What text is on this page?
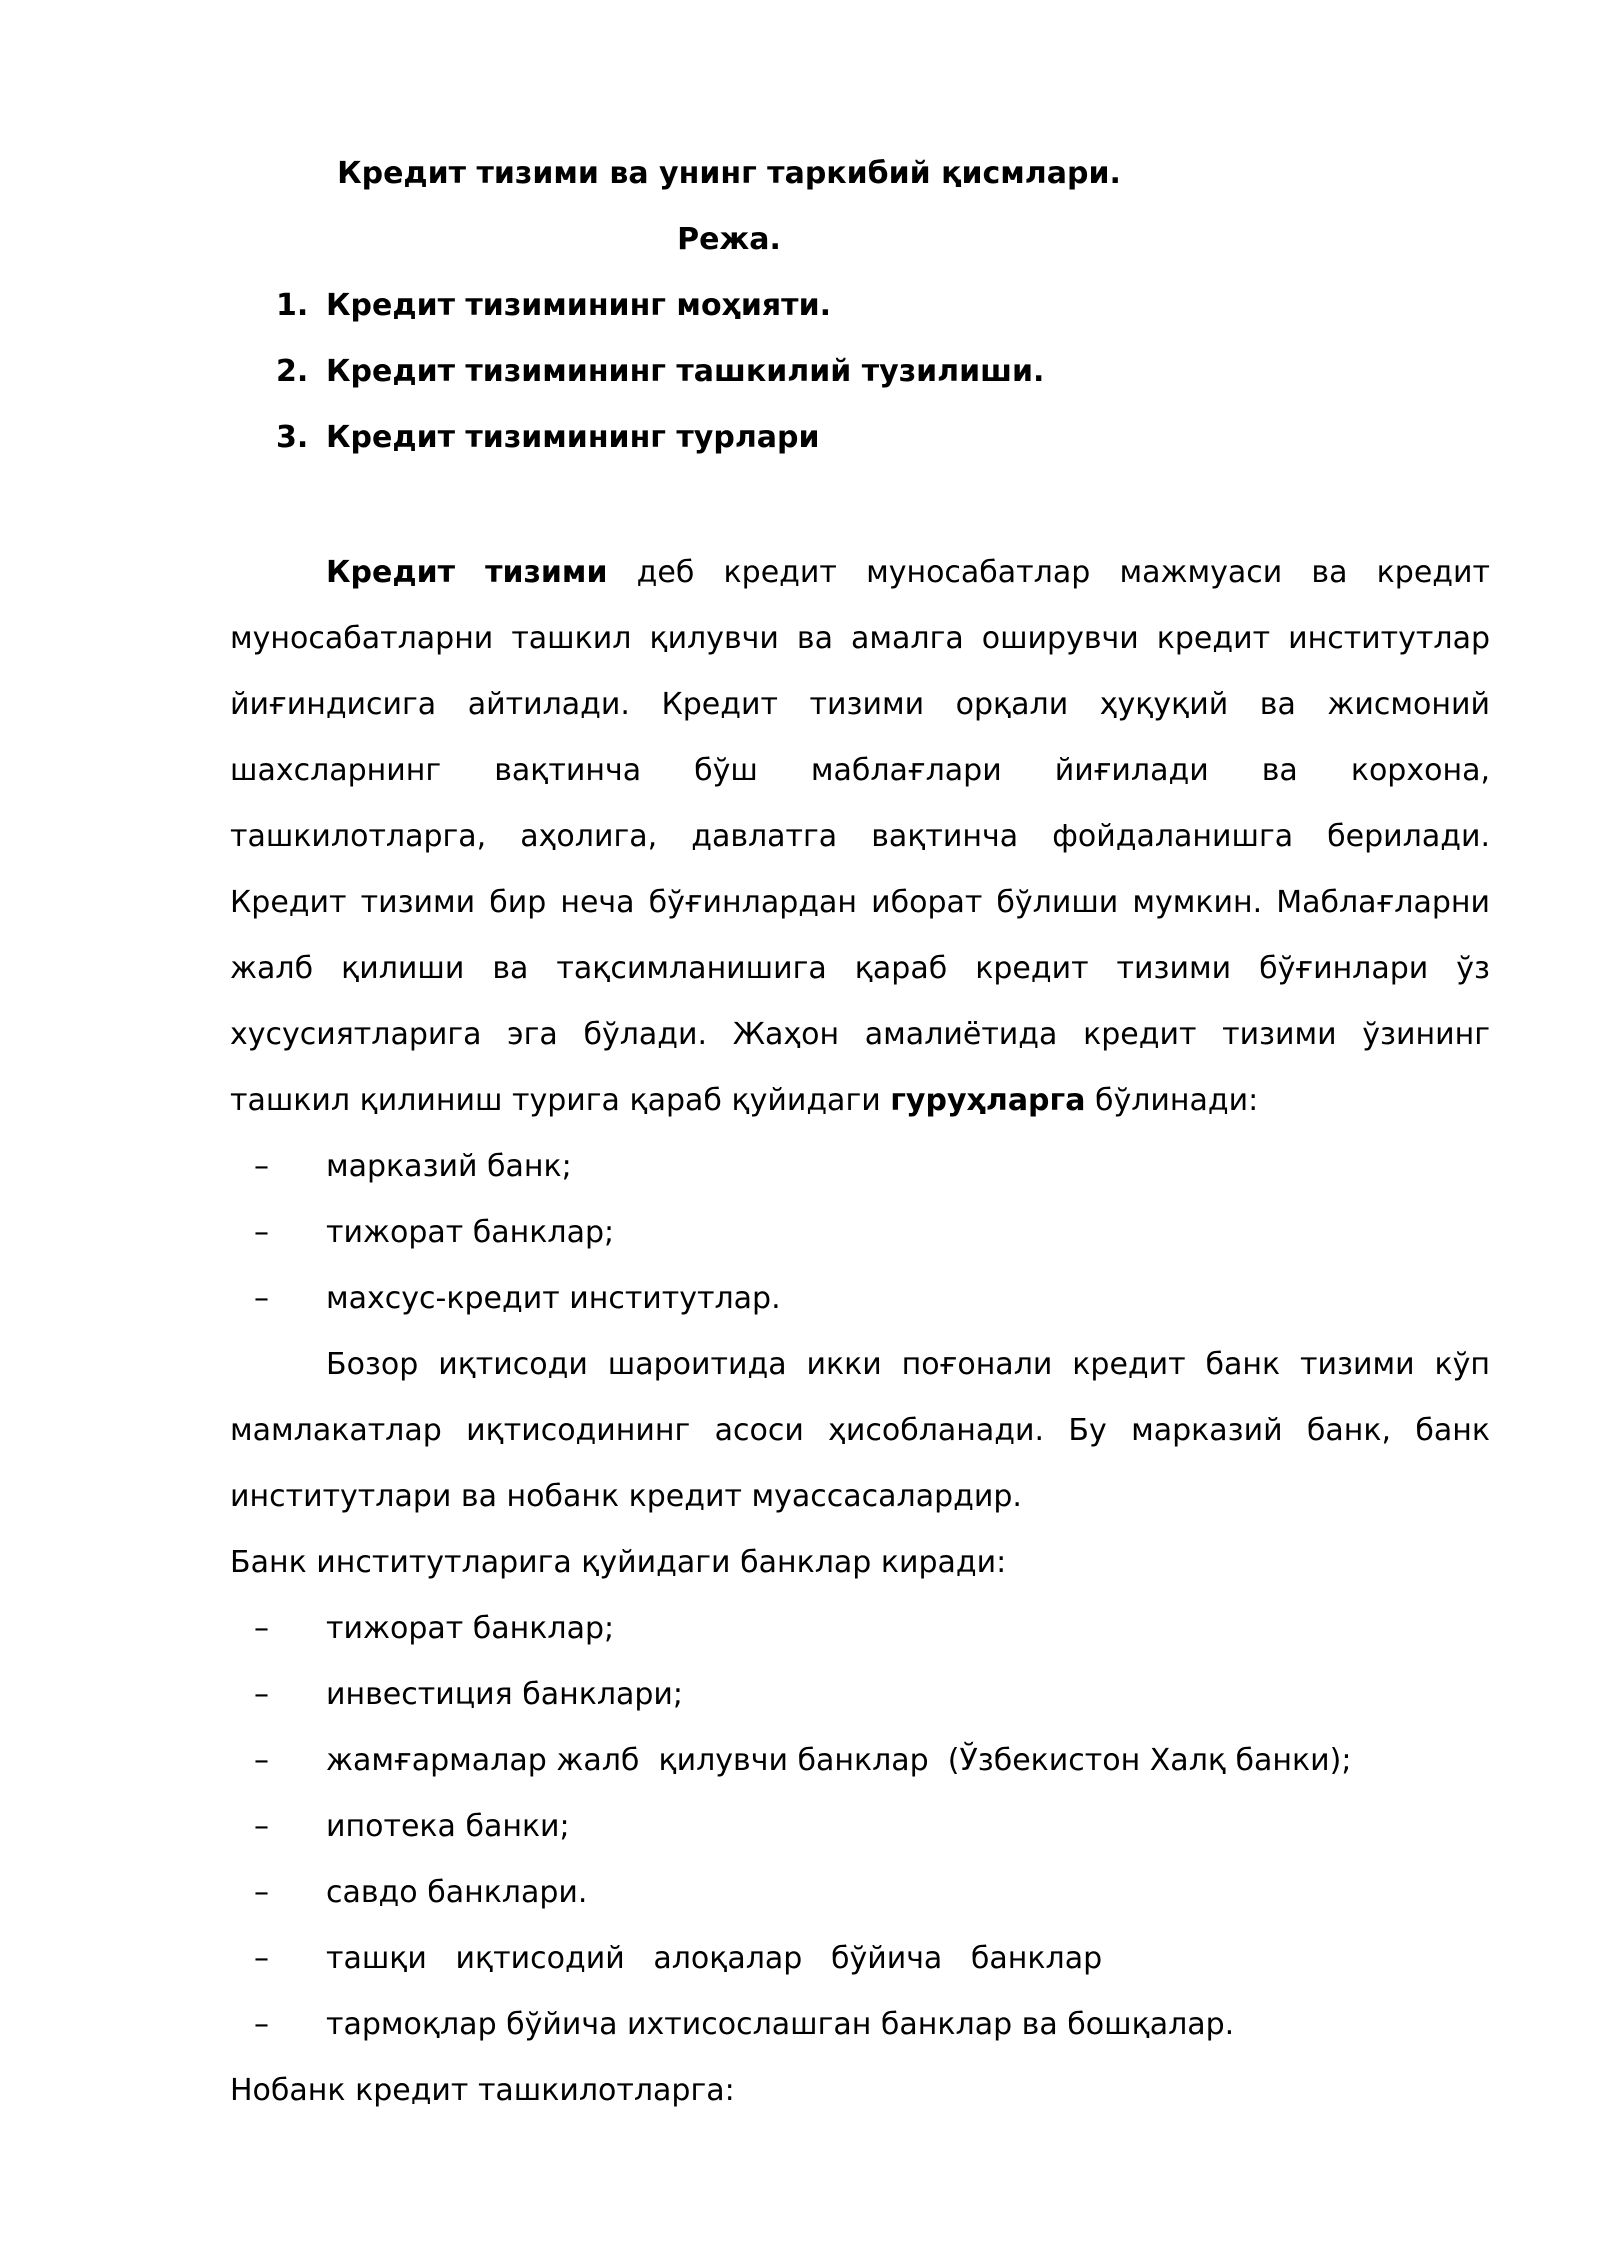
Кредит тизими ва унинг таркибий қисмлари.
Режа.
1. Кредит тизимининг моҳияти.
2. Кредит тизимининг ташкилий тузилиши.
3. Кредит тизимининг турлари

Кредит тизими деб кредит муносабатлар мажмуаси ва кредит муносабатларни ташкил қилувчи ва амалга оширувчи кредит институтлар йиғиндисига айтилади. Кредит тизими орқали ҳуқуқий ва жисмоний шахсларнинг вақтинча бўш маблағлари йиғилади ва корхона, ташкилотларга, аҳолига, давлатга вақтинча фойдаланишга берилади. Кредит тизими бир неча бўғинлардан иборат бўлиши мумкин. Маблағларни жалб қилиши ва тақсимланишига қараб кредит тизими бўғинлари ўз хусусиятларига эга бўлади. Жаҳон амалиётида кредит тизими ўзининг ташкил қилиниш турига қараб қуйидаги гуруҳларга бўлинади:

– марказий банк;
– тижорат банклар;
– махсус-кредит институтлар.

Бозор иқтисоди шароитида икки поғонали кредит банк тизими кўп мамлакатлар иқтисодининг асоси ҳисобланади. Бу марказий банк, банк институтлари ва нобанк кредит муассасалардир.

Банк институтларига қуйидаги банклар киради:

– тижорат банклар;
– инвестиция банклари;
– жамғармалар жалб  қилувчи банклар  (Ўзбекистон Халқ банки);
– ипотека банки;
– савдо банклари.
– ташқи   иқтисодий   алоқалар   бўйича   банклар
– тармоқлар бўйича ихтисослашган банклар ва бошқалар.

Нобанк кредит ташкилотларга:
